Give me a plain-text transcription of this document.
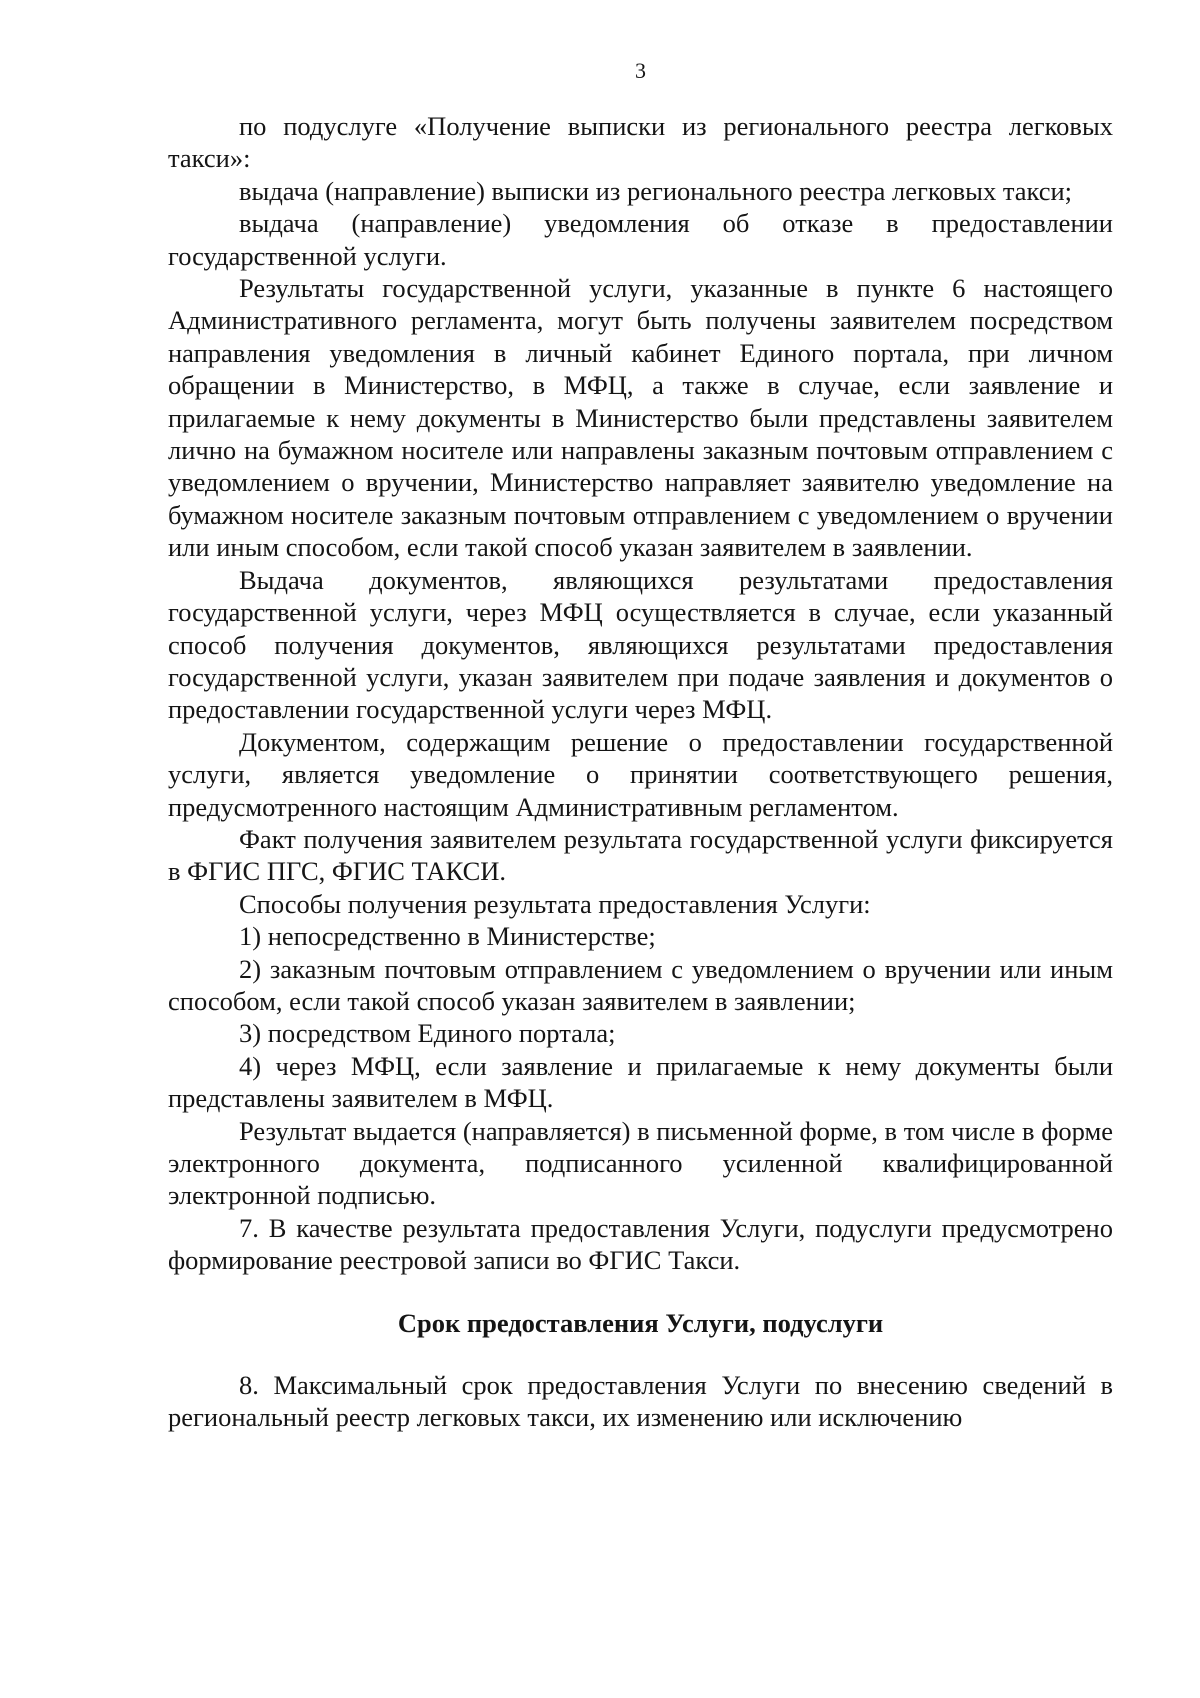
3

по подуслуге «Получение выписки из регионального реестра легковых такси»:

выдача (направление) выписки из регионального реестра легковых такси;

выдача (направление) уведомления об отказе в предоставлении государственной услуги.

Результаты государственной услуги, указанные в пункте 6 настоящего Административного регламента, могут быть получены заявителем посредством направления уведомления в личный кабинет Единого портала, при личном обращении в Министерство, в МФЦ, а также в случае, если заявление и прилагаемые к нему документы в Министерство были представлены заявителем лично на бумажном носителе или направлены заказным почтовым отправлением с уведомлением о вручении, Министерство направляет заявителю уведомление на бумажном носителе заказным почтовым отправлением с уведомлением о вручении или иным способом, если такой способ указан заявителем в заявлении.

Выдача документов, являющихся результатами предоставления государственной услуги, через МФЦ осуществляется в случае, если указанный способ получения документов, являющихся результатами предоставления государственной услуги, указан заявителем при подаче заявления и документов о предоставлении государственной услуги через МФЦ.

Документом, содержащим решение о предоставлении государственной услуги, является уведомление о принятии соответствующего решения, предусмотренного настоящим Административным регламентом.

Факт получения заявителем результата государственной услуги фиксируется в ФГИС ПГС, ФГИС ТАКСИ.

Способы получения результата предоставления Услуги:

1) непосредственно в Министерстве;

2) заказным почтовым отправлением с уведомлением о вручении или иным способом, если такой способ указан заявителем в заявлении;

3) посредством Единого портала;

4) через МФЦ, если заявление и прилагаемые к нему документы были представлены заявителем в МФЦ.

Результат выдается (направляется) в письменной форме, в том числе в форме электронного документа, подписанного усиленной квалифицированной электронной подписью.

7. В качестве результата предоставления Услуги, подуслуги предусмотрено формирование реестровой записи во ФГИС Такси.

Срок предоставления Услуги, подуслуги

8. Максимальный срок предоставления Услуги по внесению сведений в региональный реестр легковых такси, их изменению или исключению
